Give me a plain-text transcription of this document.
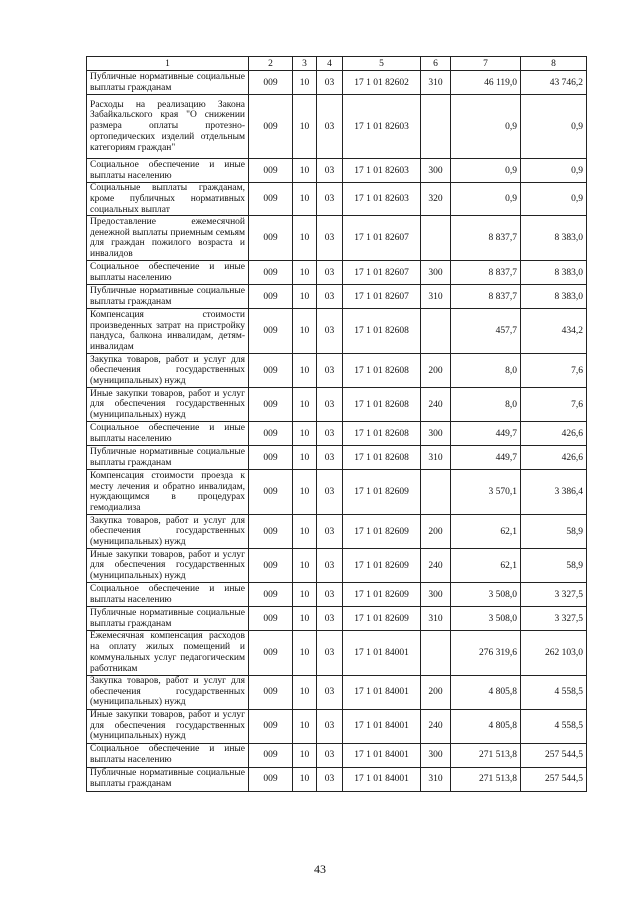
1	2	3	4	5	6	7	8
Публичные нормативные социальные выплаты гражданам	009	10	03	17 1 01 82602	310	46 119,0	43 746,2
Расходы на реализацию Закона Забайкальского края "О снижении размера оплаты протезно-ортопедических изделий отдельным категориям граждан"	009	10	03	17 1 01 82603		0,9	0,9
Социальное обеспечение и иные выплаты населению	009	10	03	17 1 01 82603	300	0,9	0,9
Социальные выплаты гражданам, кроме публичных нормативных социальных выплат	009	10	03	17 1 01 82603	320	0,9	0,9
Предоставление ежемесячной денежной выплаты приемным семьям для граждан пожилого возраста и инвалидов	009	10	03	17 1 01 82607		8 837,7	8 383,0
Социальное обеспечение и иные выплаты населению	009	10	03	17 1 01 82607	300	8 837,7	8 383,0
Публичные нормативные социальные выплаты гражданам	009	10	03	17 1 01 82607	310	8 837,7	8 383,0
Компенсация стоимости произведенных затрат на пристройку пандуса, балкона инвалидам, детям-инвалидам	009	10	03	17 1 01 82608		457,7	434,2
Закупка товаров, работ и услуг для обеспечения государственных (муниципальных) нужд	009	10	03	17 1 01 82608	200	8,0	7,6
Иные закупки товаров, работ и услуг для обеспечения государственных (муниципальных) нужд	009	10	03	17 1 01 82608	240	8,0	7,6
Социальное обеспечение и иные выплаты населению	009	10	03	17 1 01 82608	300	449,7	426,6
Публичные нормативные социальные выплаты гражданам	009	10	03	17 1 01 82608	310	449,7	426,6
Компенсация стоимости проезда к месту лечения и обратно инвалидам, нуждающимся в процедурах гемодиализа	009	10	03	17 1 01 82609		3 570,1	3 386,4
Закупка товаров, работ и услуг для обеспечения государственных (муниципальных) нужд	009	10	03	17 1 01 82609	200	62,1	58,9
Иные закупки товаров, работ и услуг для обеспечения государственных (муниципальных) нужд	009	10	03	17 1 01 82609	240	62,1	58,9
Социальное обеспечение и иные выплаты населению	009	10	03	17 1 01 82609	300	3 508,0	3 327,5
Публичные нормативные социальные выплаты гражданам	009	10	03	17 1 01 82609	310	3 508,0	3 327,5
Ежемесячная компенсация расходов на оплату жилых помещений и коммунальных услуг педагогическим работникам	009	10	03	17 1 01 84001		276 319,6	262 103,0
Закупка товаров, работ и услуг для обеспечения государственных (муниципальных) нужд	009	10	03	17 1 01 84001	200	4 805,8	4 558,5
Иные закупки товаров, работ и услуг для обеспечения государственных (муниципальных) нужд	009	10	03	17 1 01 84001	240	4 805,8	4 558,5
Социальное обеспечение и иные выплаты населению	009	10	03	17 1 01 84001	300	271 513,8	257 544,5
Публичные нормативные социальные выплаты гражданам	009	10	03	17 1 01 84001	310	271 513,8	257 544,5
43
